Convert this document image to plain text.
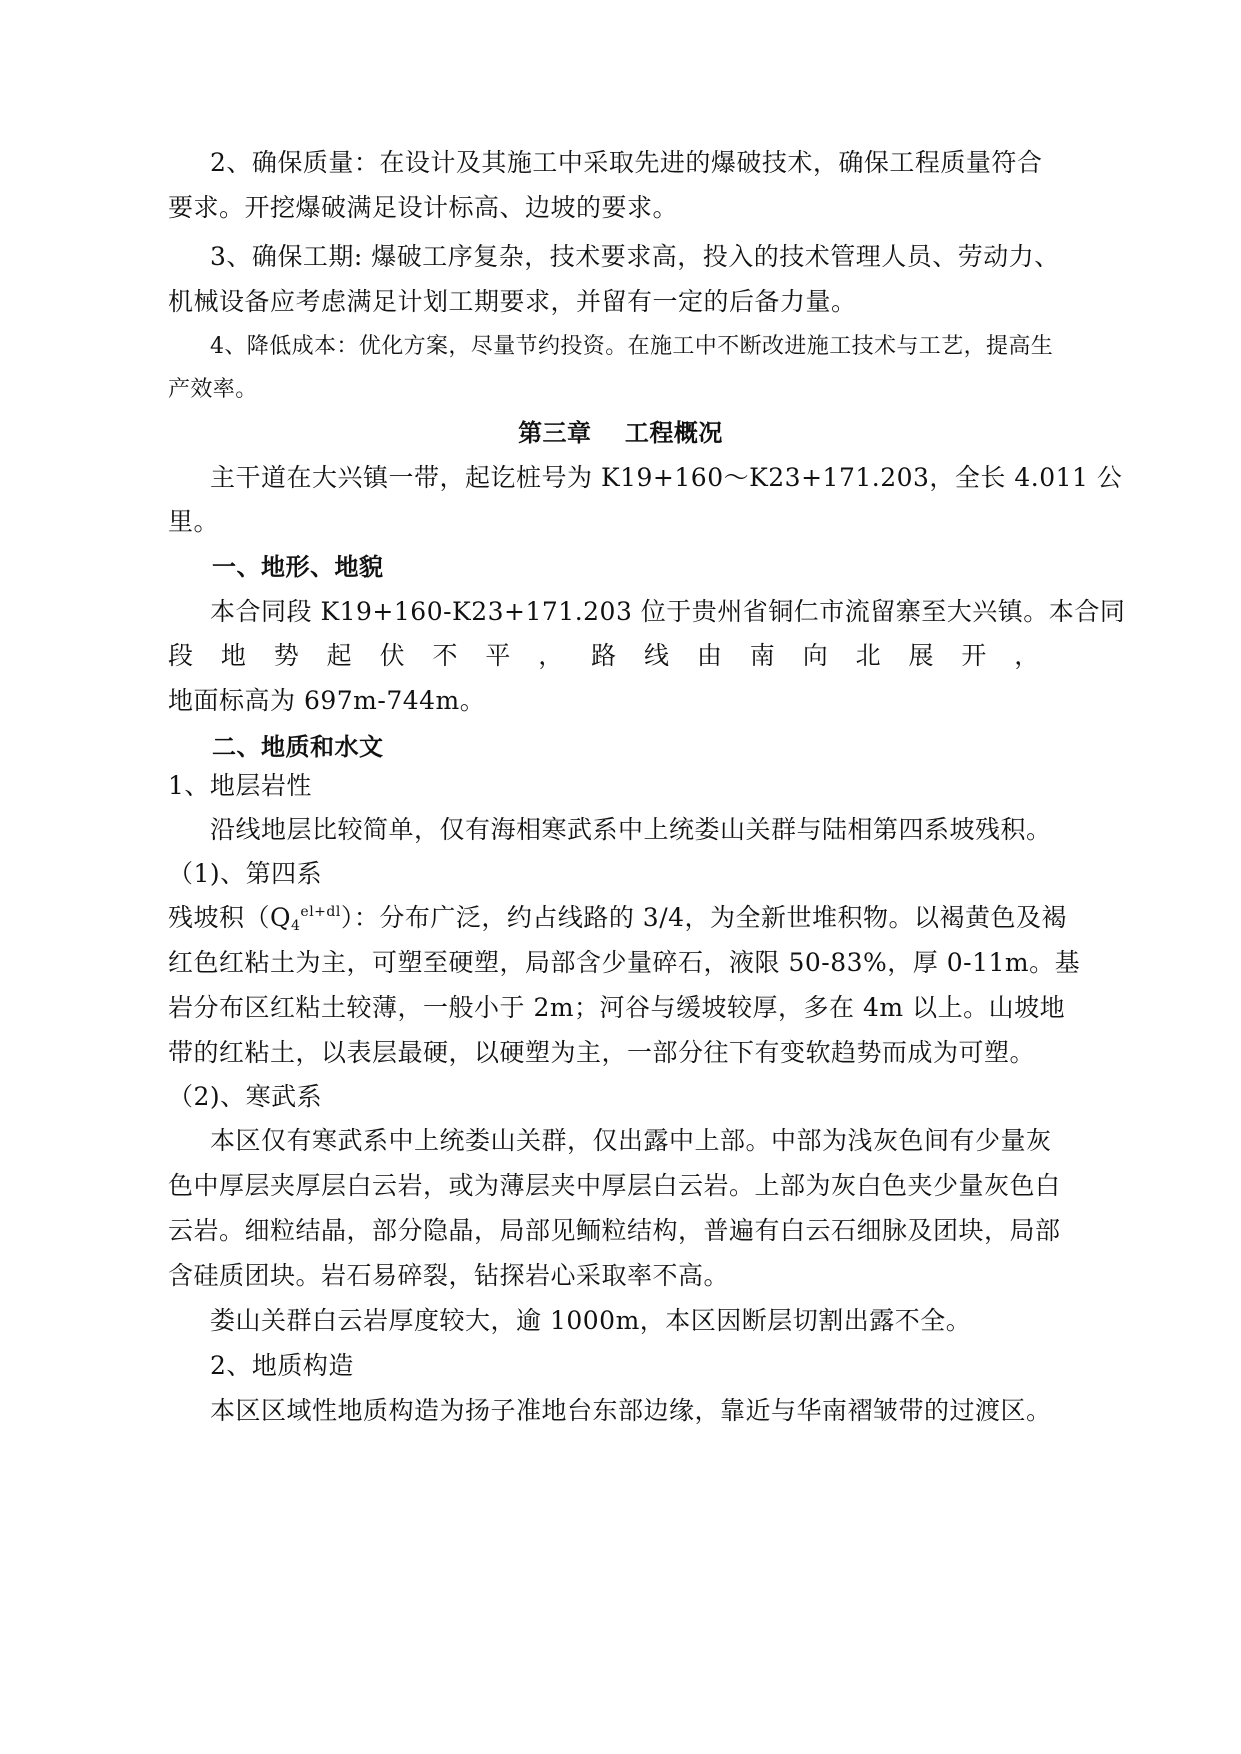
2、确保质量：在设计及其施工中采取先进的爆破技术，确保工程质量符合
要求。开挖爆破满足设计标高、边坡的要求。
3、确保工期: 爆破工序复杂，技术要求高，投入的技术管理人员、劳动力、
机械设备应考虑满足计划工期要求，并留有一定的后备力量。
4、降低成本：优化方案，尽量节约投资。在施工中不断改进施工技术与工艺，提高生
产效率。
第三章　 工程概况
主干道在大兴镇一带，起讫桩号为 K19+160～K23+171.203，全长 4.011 公
里。
一、地形、地貌
本合同段 K19+160-K23+171.203 位于贵州省铜仁市流留寨至大兴镇。本合同
段 地 势 起 伏 不 平 ， 路 线 由 南 向 北 展 开 ，
地面标高为 697m-744m。
二、地质和水文
1、地层岩性
沿线地层比较简单，仅有海相寒武系中上统娄山关群与陆相第四系坡残积。
（1)、第四系
残坡积$(Q_4^{el+dl})$：分布广泛，约占线路的 3/4，为全新世堆积物。以褐黄色及褐
红色红粘土为主，可塑至硬塑，局部含少量碎石，液限 50-83%，厚 0-11m。基
岩分布区红粘土较薄，一般小于 2m；河谷与缓坡较厚，多在 4m 以上。山坡地
带的红粘土，以表层最硬，以硬塑为主，一部分往下有变软趋势而成为可塑。
（2)、寒武系
本区仅有寒武系中上统娄山关群，仅出露中上部。中部为浅灰色间有少量灰
色中厚层夹厚层白云岩，或为薄层夹中厚层白云岩。上部为灰白色夹少量灰色白
云岩。细粒结晶，部分隐晶，局部见鲕粒结构，普遍有白云石细脉及团块，局部
含硅质团块。岩石易碎裂，钻探岩心采取率不高。
娄山关群白云岩厚度较大，逾 1000m，本区因断层切割出露不全。
2、地质构造
本区区域性地质构造为扬子准地台东部边缘，靠近与华南褶皱带的过渡区。
